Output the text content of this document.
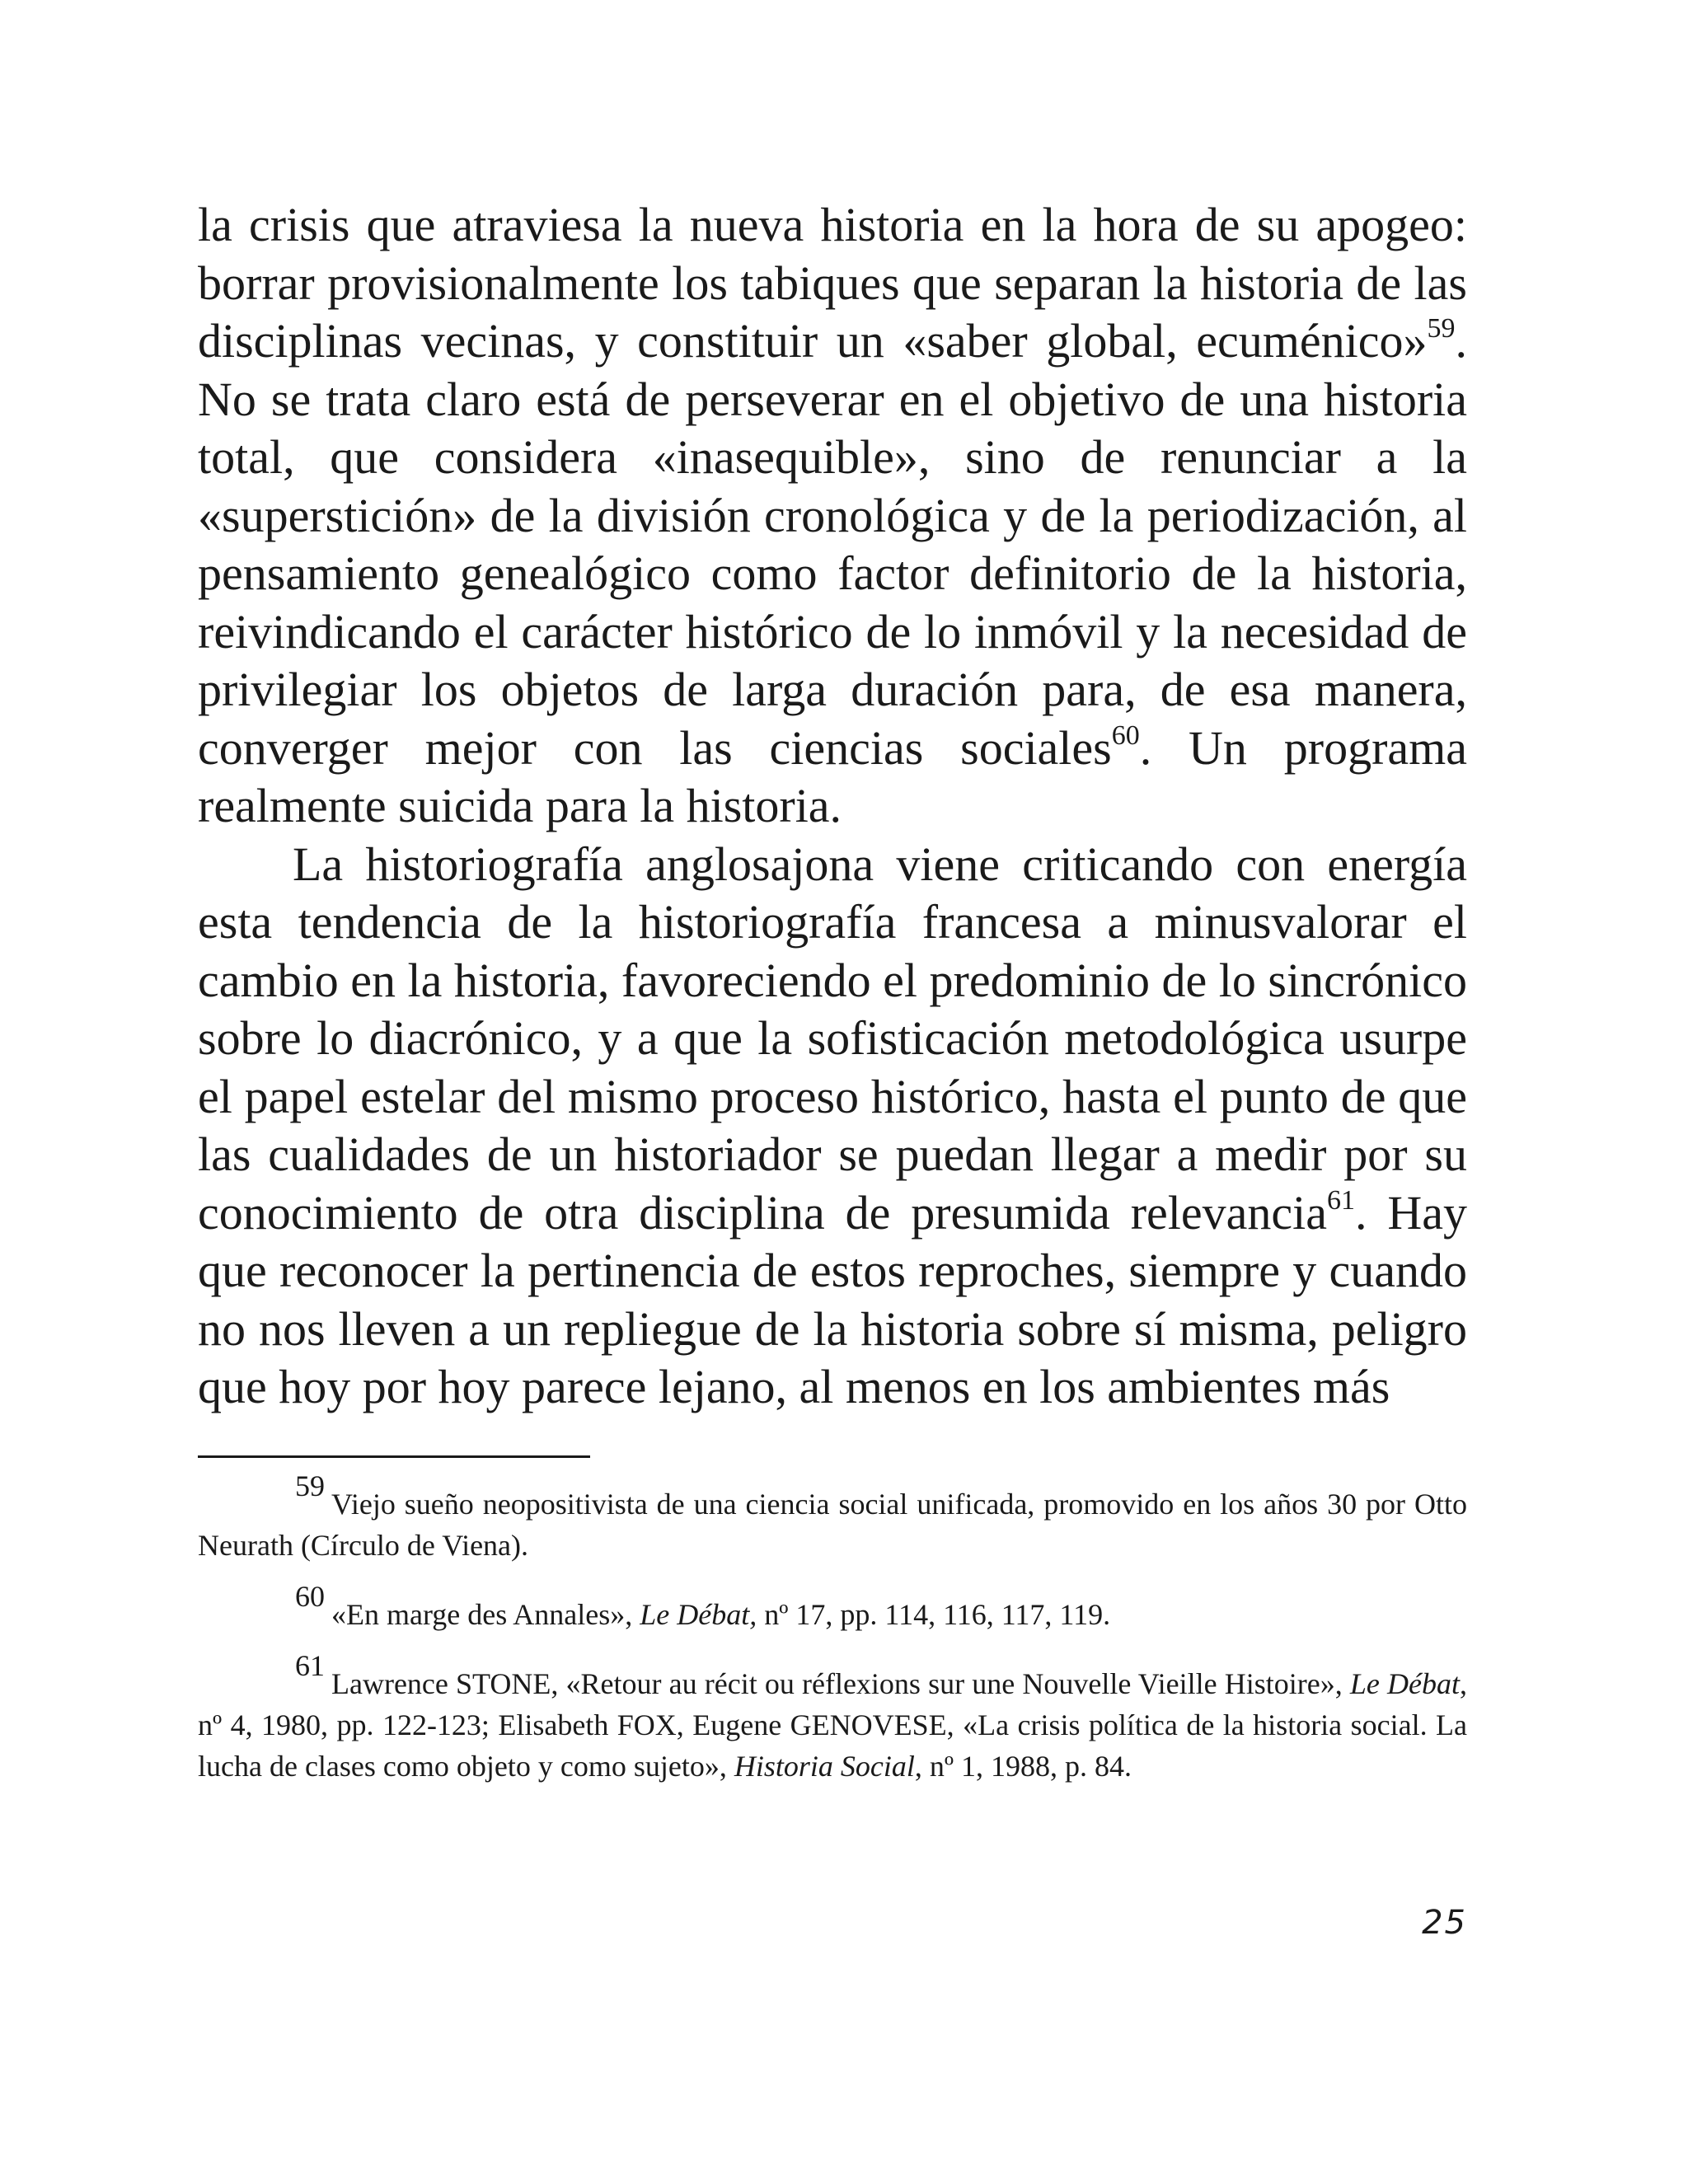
la crisis que atraviesa la nueva historia en la hora de su apogeo: borrar provisionalmente los tabiques que separan la historia de las disciplinas vecinas, y constituir un «saber global, ecuménico»$^{59}$. No se trata claro está de perseverar en el objetivo de una historia total, que considera «inasequible», sino de renunciar a la «superstición» de la división cronológica y de la periodización, al pensamiento genealógico como factor definitorio de la historia, reivindicando el carácter histórico de lo inmóvil y la necesidad de privilegiar los objetos de larga duración para, de esa manera, converger mejor con las ciencias sociales$^{60}$. Un programa realmente suicida para la historia.

La historiografía anglosajona viene criticando con energía esta tendencia de la historiografía francesa a minusvalorar el cambio en la historia, favoreciendo el predominio de lo sincrónico sobre lo diacrónico, y a que la sofisticación metodológica usurpe el papel estelar del mismo proceso histórico, hasta el punto de que las cualidades de un historiador se puedan llegar a medir por su conocimiento de otra disciplina de presumida relevancia$^{61}$. Hay que reconocer la pertinencia de estos reproches, siempre y cuando no nos lleven a un repliegue de la historia sobre sí misma, peligro que hoy por hoy parece lejano, al menos en los ambientes más

59Viejo sueño neopositivista de una ciencia social unificada, promovido en los años 30 por Otto Neurath (Círculo de Viena).

60«En marge des Annales», Le Débat, nº 17, pp. 114, 116, 117, 119.

61Lawrence STONE, «Retour au récit ou réflexions sur une Nouvelle Vieille Histoire», Le Débat, nº 4, 1980, pp. 122-123; Elisabeth FOX, Eugene GENOVESE, «La crisis política de la historia social. La lucha de clases como objeto y como sujeto», Historia Social, nº 1, 1988, p. 84.

25
